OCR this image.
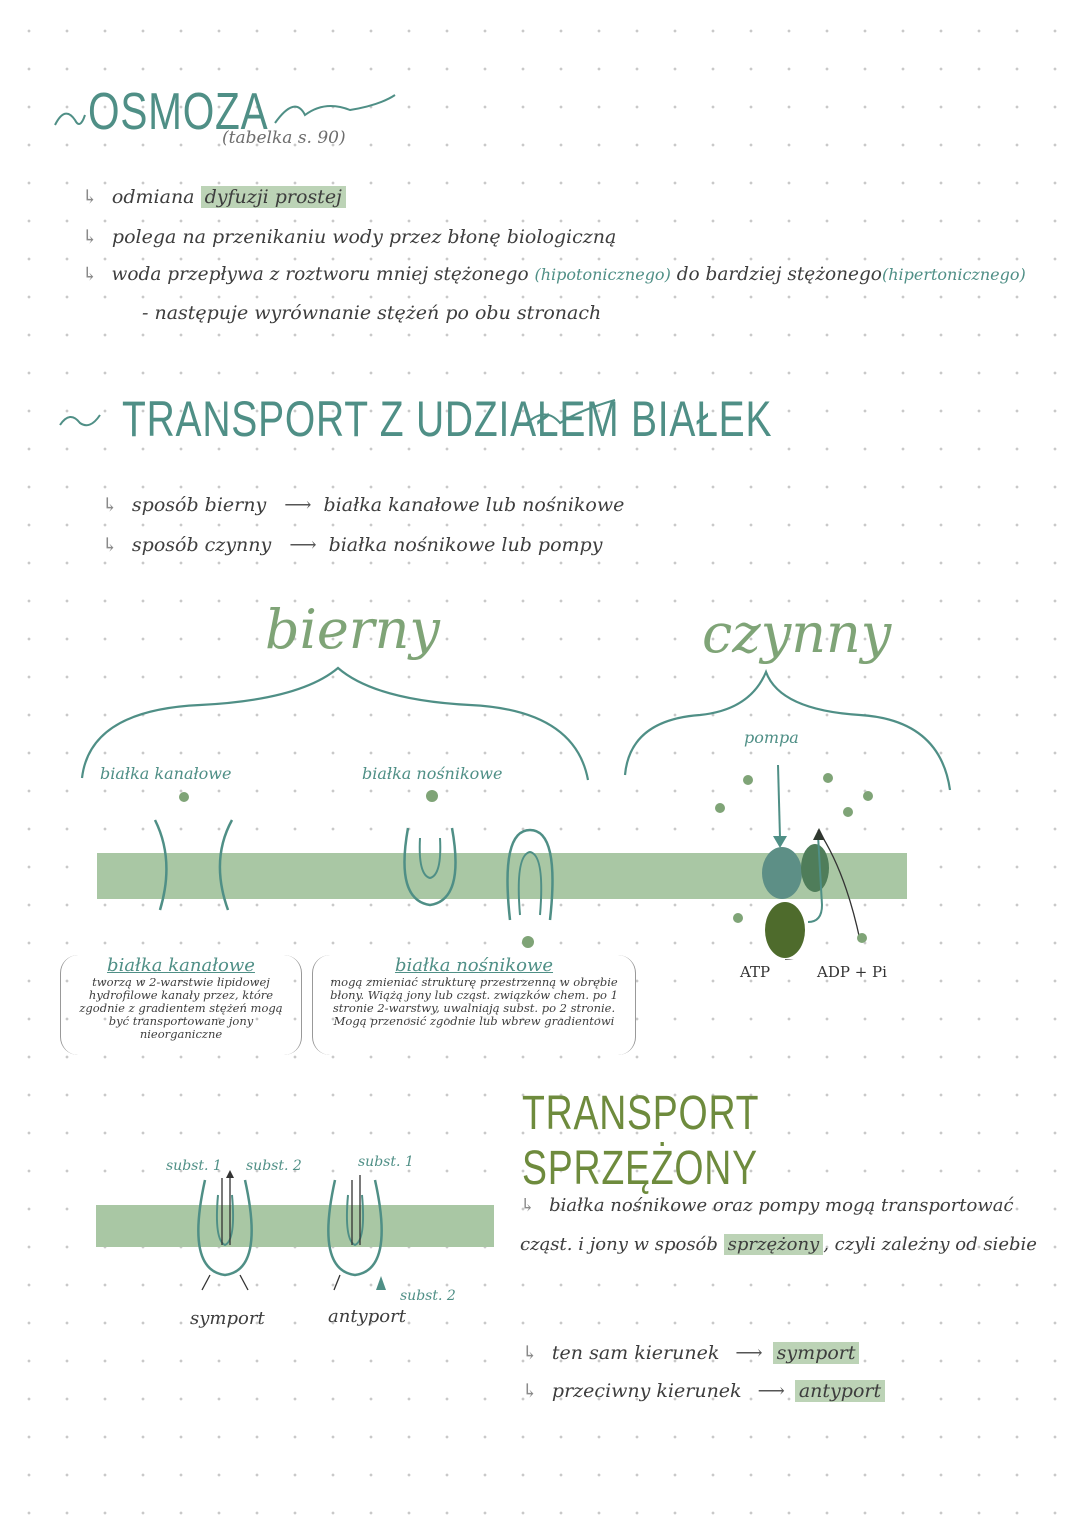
OSMOZA
(tabelka s. 90)
↳ odmiana dyfuzji prostej
↳ polega na przenikaniu wody przez błonę biologiczną
↳ woda przepływa z roztworu mniej stężonego (hipotonicznego) do bardziej stężonego(hipertonicznego)
- następuje wyrównanie stężeń po obu stronach
TRANSPORT Z UDZIAŁEM BIAŁEK
↳ sposób bierny ⟶ białka kanałowe lub nośnikowe
↳ sposób czynny ⟶ białka nośnikowe lub pompy
bierny	czynny
białka kanałowe	białka nośnikowe
pompa
ATP	ADP + Pi
białka kanałowe
tworzą w 2-warstwie lipidowej hydrofilowe kanały przez, które zgodnie z gradientem stężeń mogą być transportowane jony nieorganiczne
białka nośnikowe
mogą zmieniać strukturę przestrzenną w obrębie błony. Wiążą jony lub cząst. związków chem. po 1 stronie 2-warstwy, uwalniają subst. po 2 stronie. Mogą przenosić zgodnie lub wbrew gradientowi
TRANSPORT SPRZĘŻONY
↳ białka nośnikowe oraz pompy mogą transportować cząst. i jony w sposób sprzężony , czyli zależny od siebie
↳ ten sam kierunek ⟶ symport
↳ przeciwny kierunek ⟶ antyport
subst. 1 subst. 2	subst. 1
subst. 2
symport	antyport
